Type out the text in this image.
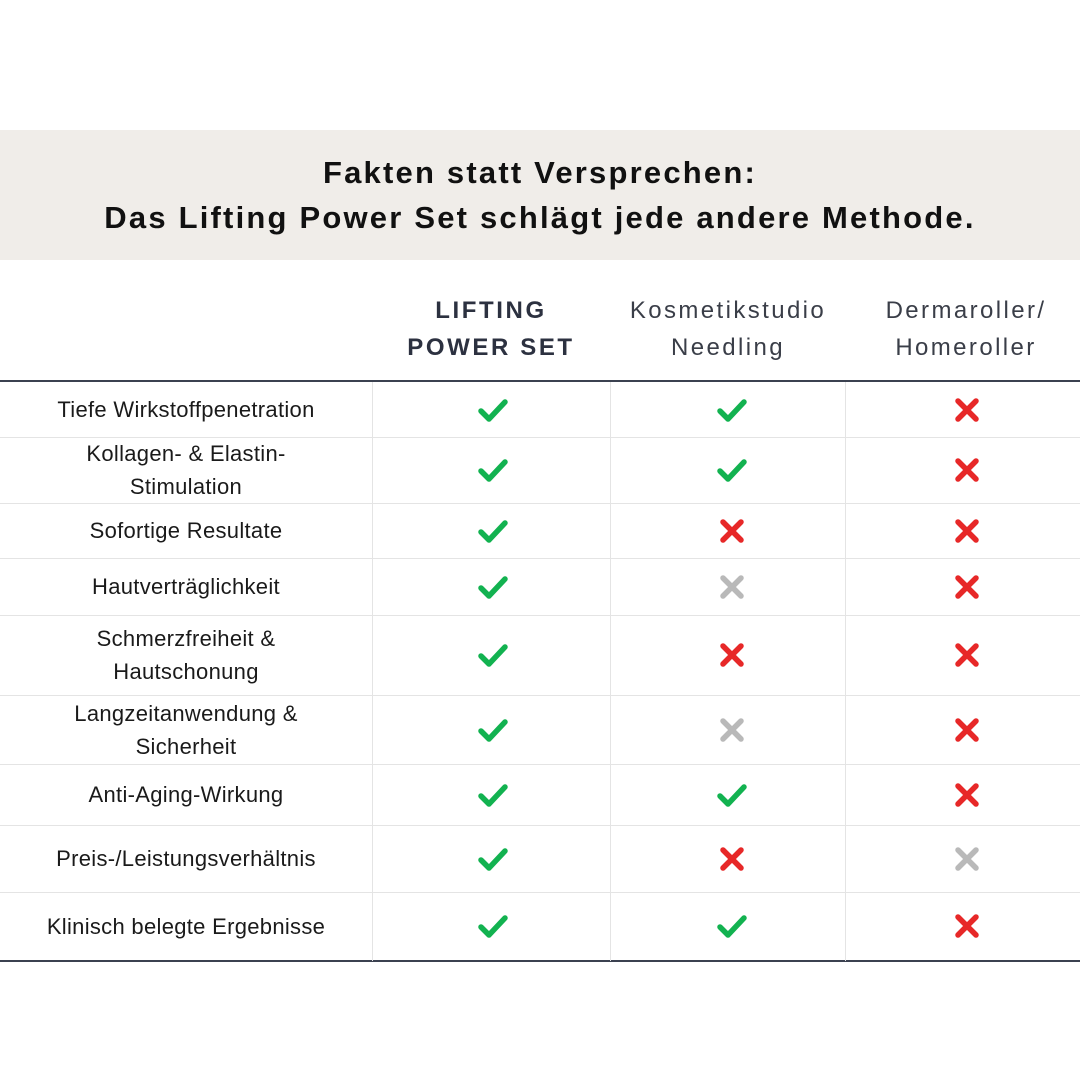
Fakten statt Versprechen:
Das Lifting Power Set schlägt jede andere Methode.
LIFTING
POWER SET
Kosmetikstudio
Needling
Dermaroller/
Homeroller
Tiefe Wirkstoffpenetration
Kollagen- & Elastin-
Stimulation
Sofortige Resultate
Hautverträglichkeit
Schmerzfreiheit &
Hautschonung
Langzeitanwendung &
Sicherheit
Anti-Aging-Wirkung
Preis-/Leistungsverhältnis
Klinisch belegte Ergebnisse
